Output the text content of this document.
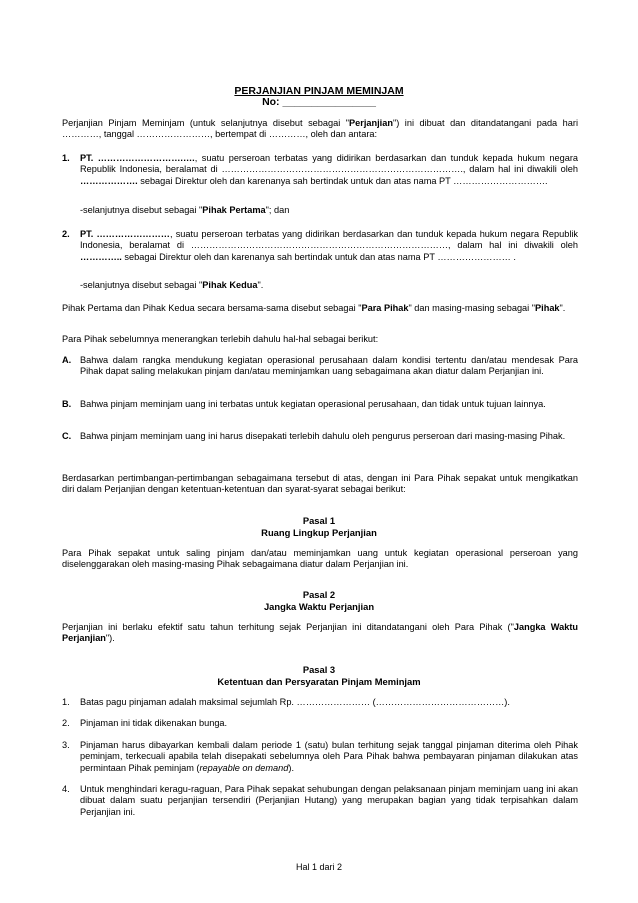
PERJANJIAN PINJAM MEMINJAM
No: ________________
Perjanjian Pinjam Meminjam (untuk selanjutnya disebut sebagai "Perjanjian") ini dibuat dan ditandatangani pada hari …………, tanggal ……………………, bertempat di …………, oleh dan antara:
1. PT. ……………………….…., suatu perseroan terbatas yang didirikan berdasarkan dan tunduk kepada hukum negara Republik Indonesia, beralamat di ……………………………………………………………………., dalam hal ini diwakili oleh ………………. sebagai Direktur oleh dan karenanya sah bertindak untuk dan atas nama PT ………………………….
-selanjutnya disebut sebagai "Pihak Pertama"; dan
2. PT. ……………………, suatu perseroan terbatas yang didirikan berdasarkan dan tunduk kepada hukum negara Republik Indonesia, beralamat di …………………………………………………………………………, dalam hal ini diwakili oleh ………….. sebagai Direktur oleh dan karenanya sah bertindak untuk dan atas nama PT …………………… .
-selanjutnya disebut sebagai "Pihak Kedua".
Pihak Pertama dan Pihak Kedua secara bersama-sama disebut sebagai "Para Pihak" dan masing-masing sebagai "Pihak".
Para Pihak sebelumnya menerangkan terlebih dahulu hal-hal sebagai berikut:
A. Bahwa dalam rangka mendukung kegiatan operasional perusahaan dalam kondisi tertentu dan/atau mendesak Para Pihak dapat saling melakukan pinjam dan/atau meminjamkan uang sebagaimana akan diatur dalam Perjanjian ini.
B. Bahwa pinjam meminjam uang ini terbatas untuk kegiatan operasional perusahaan, dan tidak untuk tujuan lainnya.
C. Bahwa pinjam meminjam uang ini harus disepakati terlebih dahulu oleh pengurus perseroan dari masing-masing Pihak.
Berdasarkan pertimbangan-pertimbangan sebagaimana tersebut di atas, dengan ini Para Pihak sepakat untuk mengikatkan diri dalam Perjanjian dengan ketentuan-ketentuan dan syarat-syarat sebagai berikut:
Pasal 1
Ruang Lingkup Perjanjian
Para Pihak sepakat untuk saling pinjam dan/atau meminjamkan uang untuk kegiatan operasional perseroan yang diselenggarakan oleh masing-masing Pihak sebagaimana diatur dalam Perjanjian ini.
Pasal 2
Jangka Waktu Perjanjian
Perjanjian ini berlaku efektif satu tahun terhitung sejak Perjanjian ini ditandatangani oleh Para Pihak ("Jangka Waktu Perjanjian").
Pasal 3
Ketentuan dan Persyaratan Pinjam Meminjam
1. Batas pagu pinjaman adalah maksimal sejumlah Rp. …………………… (……………………………………).
2. Pinjaman ini tidak dikenakan bunga.
3. Pinjaman harus dibayarkan kembali dalam periode 1 (satu) bulan terhitung sejak tanggal pinjaman diterima oleh Pihak peminjam, terkecuali apabila telah disepakati sebelumnya oleh Para Pihak bahwa pembayaran pinjaman dilakukan atas permintaan Pihak peminjam (repayable on demand).
4. Untuk menghindari keragu-raguan, Para Pihak sepakat sehubungan dengan pelaksanaan pinjam meminjam uang ini akan dibuat dalam suatu perjanjian tersendiri (Perjanjian Hutang) yang merupakan bagian yang tidak terpisahkan dalam Perjanjian ini.
Hal 1 dari 2
